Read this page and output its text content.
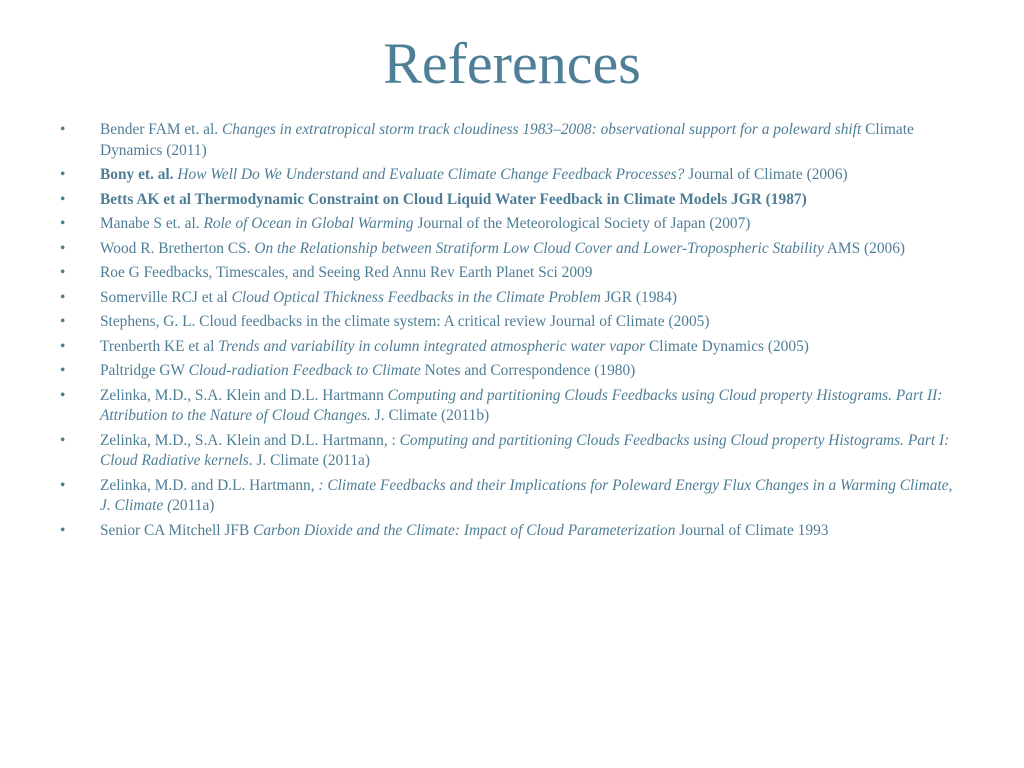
References
•	Bender FAM et. al. Changes in extratropical storm track cloudiness 1983–2008: observational support for a poleward shift Climate Dynamics (2011)
•	Bony et. al. How Well Do We Understand and Evaluate Climate Change Feedback Processes? Journal of Climate (2006)
•	Betts AK et al Thermodynamic Constraint on Cloud Liquid Water Feedback in Climate Models JGR (1987)
•	Manabe S et. al. Role of Ocean in Global Warming Journal of the Meteorological Society of Japan (2007)
•	Wood R. Bretherton CS. On the Relationship between Stratiform Low Cloud Cover and Lower-Tropospheric Stability AMS (2006)
•	Roe G Feedbacks, Timescales, and Seeing Red Annu Rev Earth Planet Sci 2009
•	Somerville RCJ et al Cloud Optical Thickness Feedbacks in the Climate Problem JGR (1984)
•	Stephens, G. L. Cloud feedbacks in the climate system: A critical review Journal of Climate (2005)
•	Trenberth KE et al Trends and variability in column integrated atmospheric water vapor Climate Dynamics (2005)
•	Paltridge GW Cloud-radiation Feedback to Climate Notes and Correspondence (1980)
•	Zelinka, M.D., S.A. Klein and D.L. Hartmann Computing and partitioning Clouds Feedbacks using Cloud property Histograms. Part II: Attribution to the Nature of Cloud Changes. J. Climate (2011b)
•	Zelinka, M.D., S.A. Klein and D.L. Hartmann, : Computing and partitioning Clouds Feedbacks using Cloud property Histograms. Part I: Cloud Radiative kernels. J. Climate (2011a)
•	Zelinka, M.D. and D.L. Hartmann, : Climate Feedbacks and their Implications for Poleward Energy Flux Changes in a Warming Climate, J. Climate (2011a)
•	Senior CA Mitchell JFB Carbon Dioxide and the Climate: Impact of Cloud Parameterization Journal of Climate 1993
